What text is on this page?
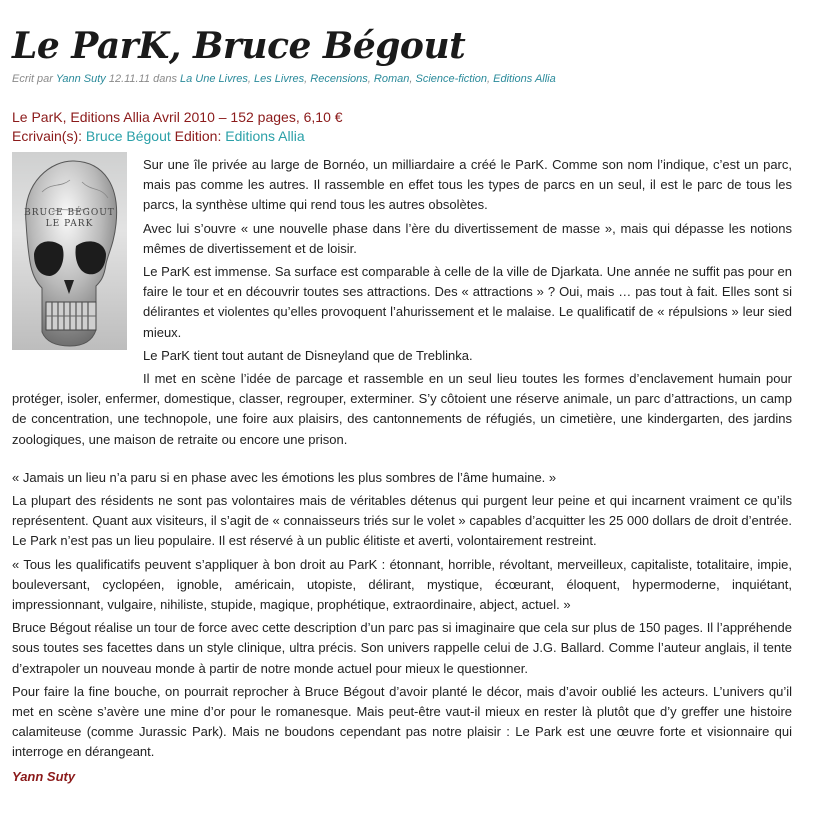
Le ParK, Bruce Bégout
Ecrit par Yann Suty 12.11.11 dans La Une Livres, Les Livres, Recensions, Roman, Science-fiction, Editions Allia
Le ParK, Editions Allia Avril 2010 – 152 pages, 6,10 €
Ecrivain(s): Bruce Bégout Edition: Editions Allia
BRUCE BÉGOUT
LE PARK

Sur une île privée au large de Bornéo, un milliardaire a créé le ParK. Comme son nom l’indique, c’est un parc, mais pas comme les autres. Il rassemble en effet tous les types de parcs en un seul, il est le parc de tous les parcs, la synthèse ultime qui rend tous les autres obsolètes.

Avec lui s’ouvre « une nouvelle phase dans l’ère du divertissement de masse », mais qui dépasse les notions mêmes de divertissement et de loisir.

Le ParK est immense. Sa surface est comparable à celle de la ville de Djarkata. Une année ne suffit pas pour en faire le tour et en découvrir toutes ses attractions. Des « attractions » ? Oui, mais … pas tout à fait. Elles sont si délirantes et violentes qu’elles provoquent l’ahurissement et le malaise. Le qualificatif de « répulsions » leur sied mieux.

Le ParK tient tout autant de Disneyland que de Treblinka.

Il met en scène l’idée de parcage et rassemble en un seul lieu toutes les formes d’enclavement humain pour protéger, isoler, enfermer, domestique, classer, regrouper, exterminer. S’y côtoient une réserve animale, un parc d’attractions, un camp de concentration, une technopole, une foire aux plaisirs, des cantonnements de réfugiés, un cimetière, une kindergarten, des jardins zoologiques, une maison de retraite ou encore une prison.

« Jamais un lieu n’a paru si en phase avec les émotions les plus sombres de l’âme humaine. »

La plupart des résidents ne sont pas volontaires mais de véritables détenus qui purgent leur peine et qui incarnent vraiment ce qu’ils représentent. Quant aux visiteurs, il s’agit de « connaisseurs triés sur le volet » capables d’acquitter les 25 000 dollars de droit d’entrée. Le Park n’est pas un lieu populaire. Il est réservé à un public élitiste et averti, volontairement restreint.

« Tous les qualificatifs peuvent s’appliquer à bon droit au ParK : étonnant, horrible, révoltant, merveilleux, capitaliste, totalitaire, impie, bouleversant, cyclopéen, ignoble, américain, utopiste, délirant, mystique, écœurant, éloquent, hypermoderne, inquiétant, impressionnant, vulgaire, nihiliste, stupide, magique, prophétique, extraordinaire, abject, actuel. »

Bruce Bégout réalise un tour de force avec cette description d’un parc pas si imaginaire que cela sur plus de 150 pages. Il l’appréhende sous toutes ses facettes dans un style clinique, ultra précis. Son univers rappelle celui de J.G. Ballard. Comme l’auteur anglais, il tente d’extrapoler un nouveau monde à partir de notre monde actuel pour mieux le questionner.

Pour faire la fine bouche, on pourrait reprocher à Bruce Bégout d’avoir planté le décor, mais d’avoir oublié les acteurs. L’univers qu’il met en scène s’avère une mine d’or pour le romanesque. Mais peut-être vaut-il mieux en rester là plutôt que d’y greffer une histoire calamiteuse (comme Jurassic Park). Mais ne boudons cependant pas notre plaisir : Le Park est une œuvre forte et visionnaire qui interroge en dérangeant.

Yann Suty
